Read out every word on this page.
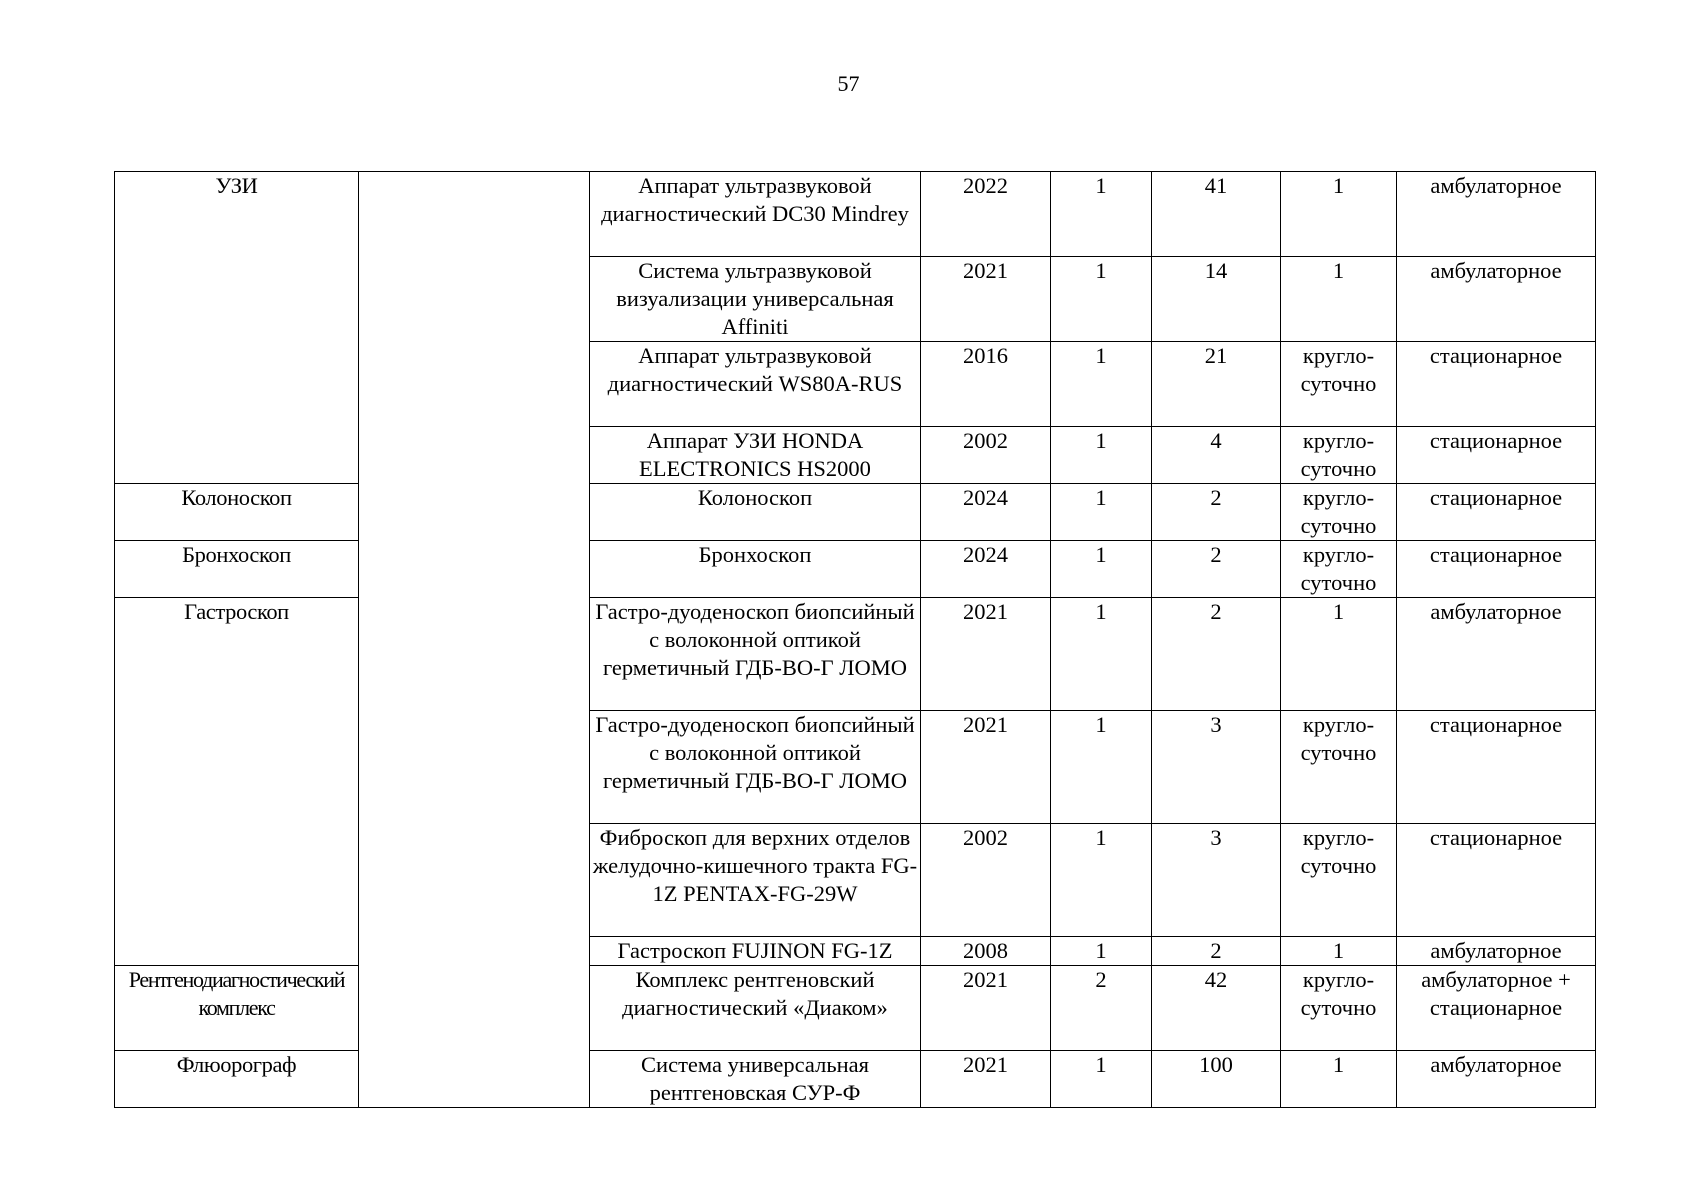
57
УЗИ		Аппарат ультразвуковой диагностический DC30 Mindrey	2022	1	41	1	амбулаторное
		Система ультразвуковой визуализации универсальная Affiniti	2021	1	14	1	амбулаторное
		Аппарат ультразвуковой диагностический WS80A-RUS	2016	1	21	кругло-суточно	стационарное
		Аппарат УЗИ HONDA ELECTRONICS HS2000	2002	1	4	кругло-суточно	стационарное
Колоноскоп		Колоноскоп	2024	1	2	кругло-суточно	стационарное
Бронхоскоп		Бронхоскоп	2024	1	2	кругло-суточно	стационарное
Гастроскоп		Гастро-дуоденоскоп биопсийный с волоконной оптикой герметичный ГДБ-ВО-Г ЛОМО	2021	1	2	1	амбулаторное
		Гастро-дуоденоскоп биопсийный с волоконной оптикой герметичный ГДБ-ВО-Г ЛОМО	2021	1	3	кругло-суточно	стационарное
		Фиброскоп для верхних отделов желудочно-кишечного тракта FG-1Z PENTAX-FG-29W	2002	1	3	кругло-суточно	стационарное
		Гастроскоп FUJINON FG-1Z	2008	1	2	1	амбулаторное
Рентгенодиагностический комплекс		Комплекс рентгеновский диагностический «Диаком»	2021	2	42	кругло-суточно	амбулаторное + стационарное
Флюорограф		Система универсальная рентгеновская СУР-Ф	2021	1	100	1	амбулаторное
